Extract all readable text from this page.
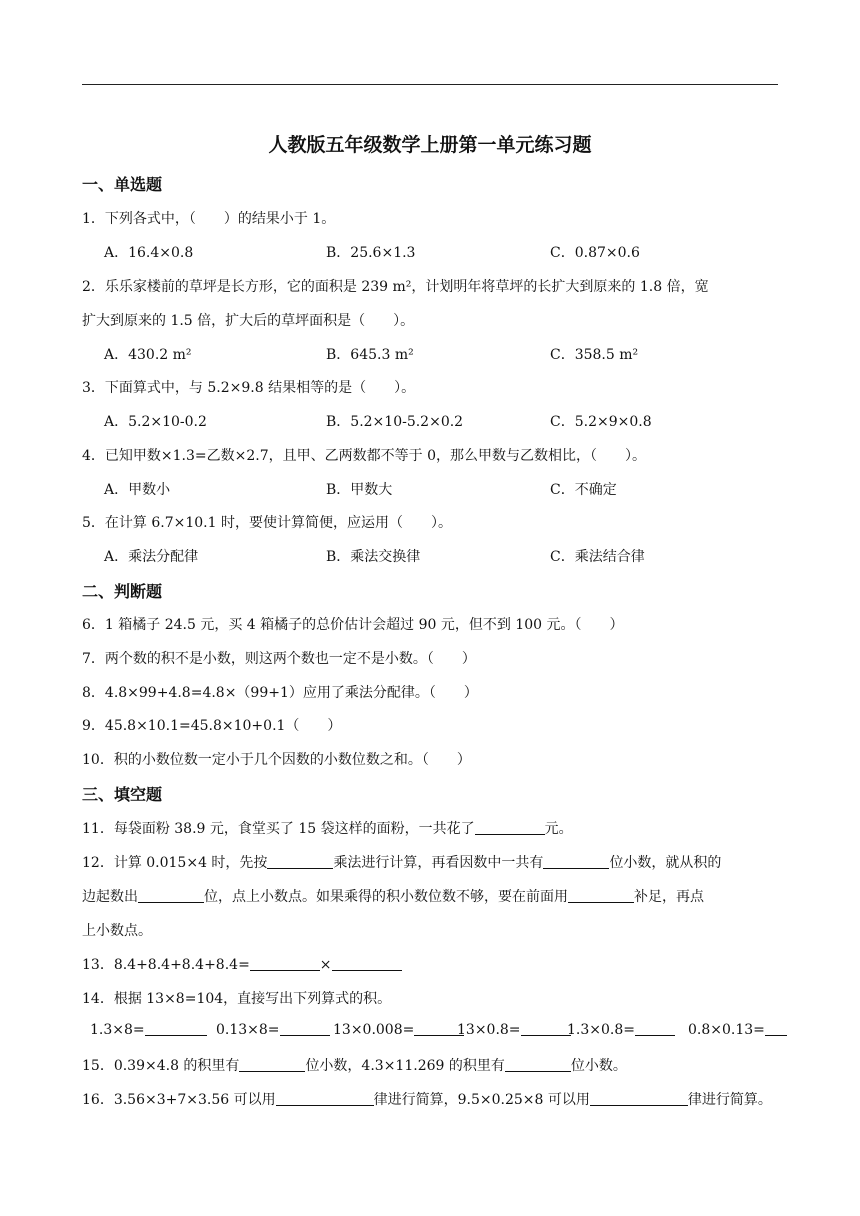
人教版五年级数学上册第一单元练习题
一、单选题
1．下列各式中，（　　）的结果小于 1。
A．16.4×0.8	B．25.6×1.3	C．0.87×0.6
2．乐乐家楼前的草坪是长方形，它的面积是 239 m²，计划明年将草坪的长扩大到原来的 1.8 倍，宽
扩大到原来的 1.5 倍，扩大后的草坪面积是（　　）。
A．430.2 m²	B．645.3 m²	C．358.5 m²
3．下面算式中，与 5.2×9.8 结果相等的是（　　）。
A．5.2×10-0.2	B．5.2×10-5.2×0.2	C．5.2×9×0.8
4．已知甲数×1.3=乙数×2.7，且甲、乙两数都不等于 0，那么甲数与乙数相比，（　　）。
A．甲数小	B．甲数大	C．不确定
5．在计算 6.7×10.1 时，要使计算简便，应运用（　　）。
A．乘法分配律	B．乘法交换律	C．乘法结合律
二、判断题
6．1 箱橘子 24.5 元，买 4 箱橘子的总价估计会超过 90 元，但不到 100 元。（　　）
7．两个数的积不是小数，则这两个数也一定不是小数。（　　）
8．4.8×99+4.8=4.8×（99+1）应用了乘法分配律。（　　）
9．45.8×10.1=45.8×10+0.1（　　）
10．积的小数位数一定小于几个因数的小数位数之和。（　　）
三、填空题
11．每袋面粉 38.9 元，食堂买了 15 袋这样的面粉，一共花了	元。
12．计算 0.015×4 时，先按	乘法进行计算，再看因数中一共有	位小数，就从积的
边起数出	位，点上小数点。如果乘得的积小数位数不够，要在前面用	补足，再点
上小数点。
13．8.4+8.4+8.4+8.4=	×
14．根据 13×8=104，直接写出下列算式的积。
1.3×8=	0.13×8=	13×0.008=	13×0.8=	1.3×0.8=	0.8×0.13=
15．0.39×4.8 的积里有	位小数，4.3×11.269 的积里有	位小数。
16．3.56×3+7×3.56 可以用	律进行简算，9.5×0.25×8 可以用	律进行简算。
